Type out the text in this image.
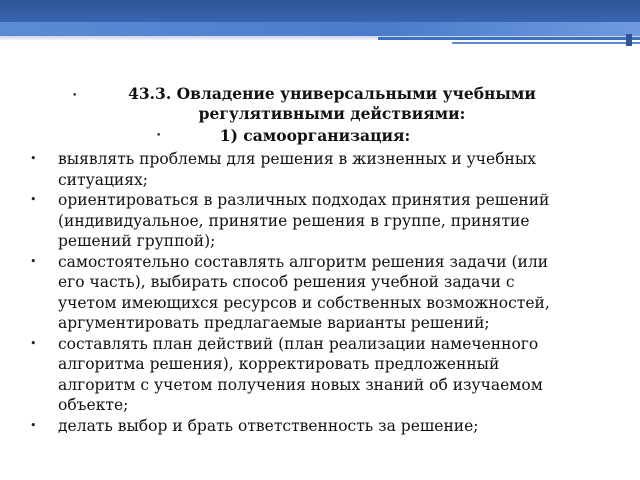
•	43.3. Овладение универсальными учебными
регулятивными действиями:
•	1) самоорганизация:
• выявлять проблемы для решения в жизненных и учебных
ситуациях;
• ориентироваться в различных подходах принятия решений
(индивидуальное, принятие решения в группе, принятие
решений группой);
• самостоятельно составлять алгоритм решения задачи (или
его часть), выбирать способ решения учебной задачи с
учетом имеющихся ресурсов и собственных возможностей,
аргументировать предлагаемые варианты решений;
• составлять план действий (план реализации намеченного
алгоритма решения), корректировать предложенный
алгоритм с учетом получения новых знаний об изучаемом
объекте;
• делать выбор и брать ответственность за решение;
